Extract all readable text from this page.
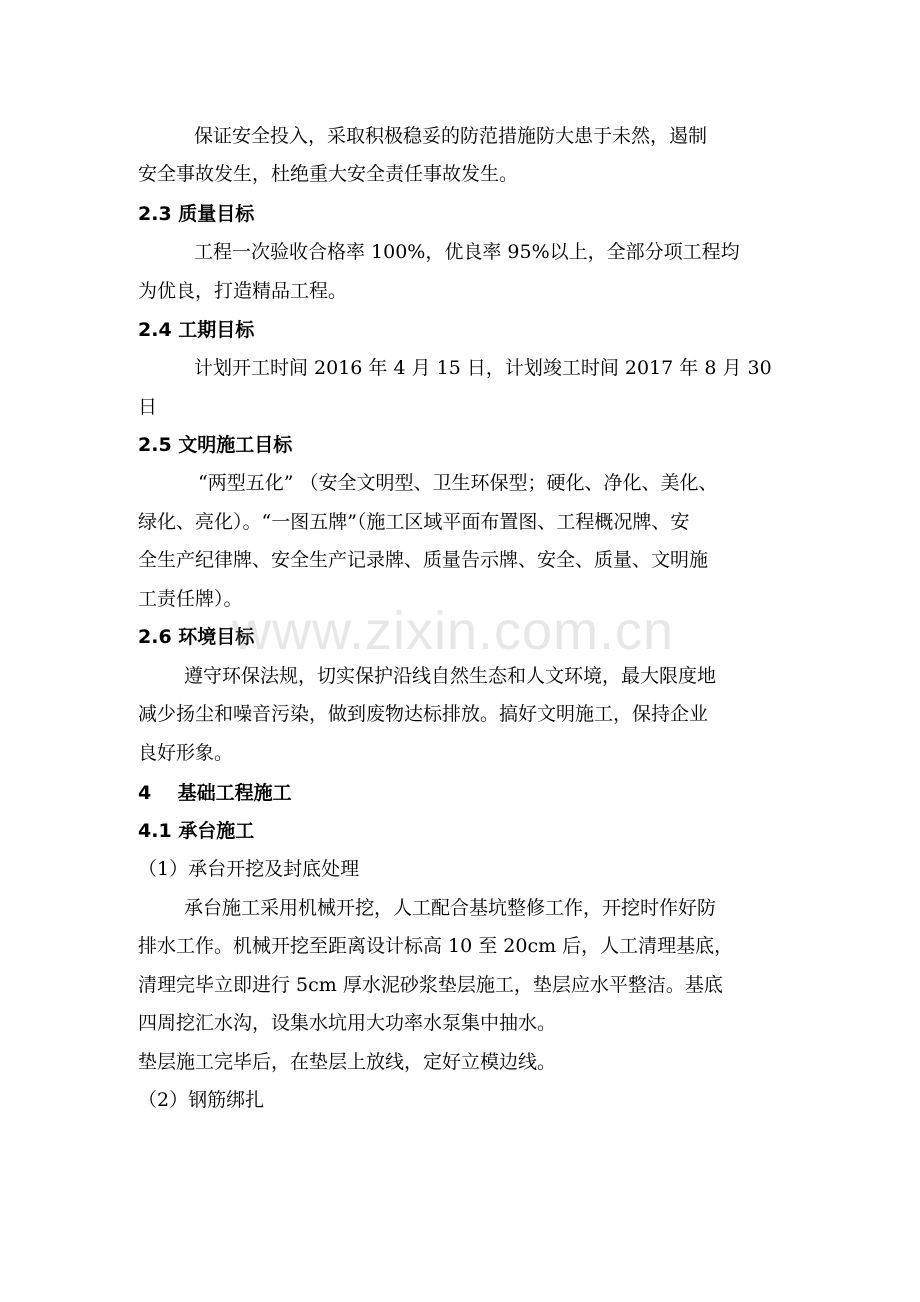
保证安全投入，采取积极稳妥的防范措施防大患于未然，遏制
安全事故发生，杜绝重大安全责任事故发生。
2.3 质量目标
工程一次验收合格率 100%，优良率 95%以上，全部分项工程均
为优良，打造精品工程。
2.4 工期目标
计划开工时间 2016 年 4 月 15 日，计划竣工时间 2017 年 8 月 30
日
2.5 文明施工目标
“两型五化” （安全文明型、卫生环保型；硬化、净化、美化、
绿化、亮化）。“一图五牌”（施工区域平面布置图、工程概况牌、安
全生产纪律牌、安全生产记录牌、质量告示牌、安全、质量、文明施
工责任牌）。
2.6 环境目标
遵守环保法规，切实保护沿线自然生态和人文环境，最大限度地
减少扬尘和噪音污染，做到废物达标排放。搞好文明施工，保持企业
良好形象。
4    基础工程施工
4.1 承台施工
（1）承台开挖及封底处理
承台施工采用机械开挖，人工配合基坑整修工作，开挖时作好防
排水工作。机械开挖至距离设计标高 10 至 20cm 后，人工清理基底，
清理完毕立即进行 5cm 厚水泥砂浆垫层施工，垫层应水平整洁。基底
四周挖汇水沟，设集水坑用大功率水泵集中抽水。
垫层施工完毕后，在垫层上放线，定好立模边线。
（2）钢筋绑扎
www.zixin.com.cn
